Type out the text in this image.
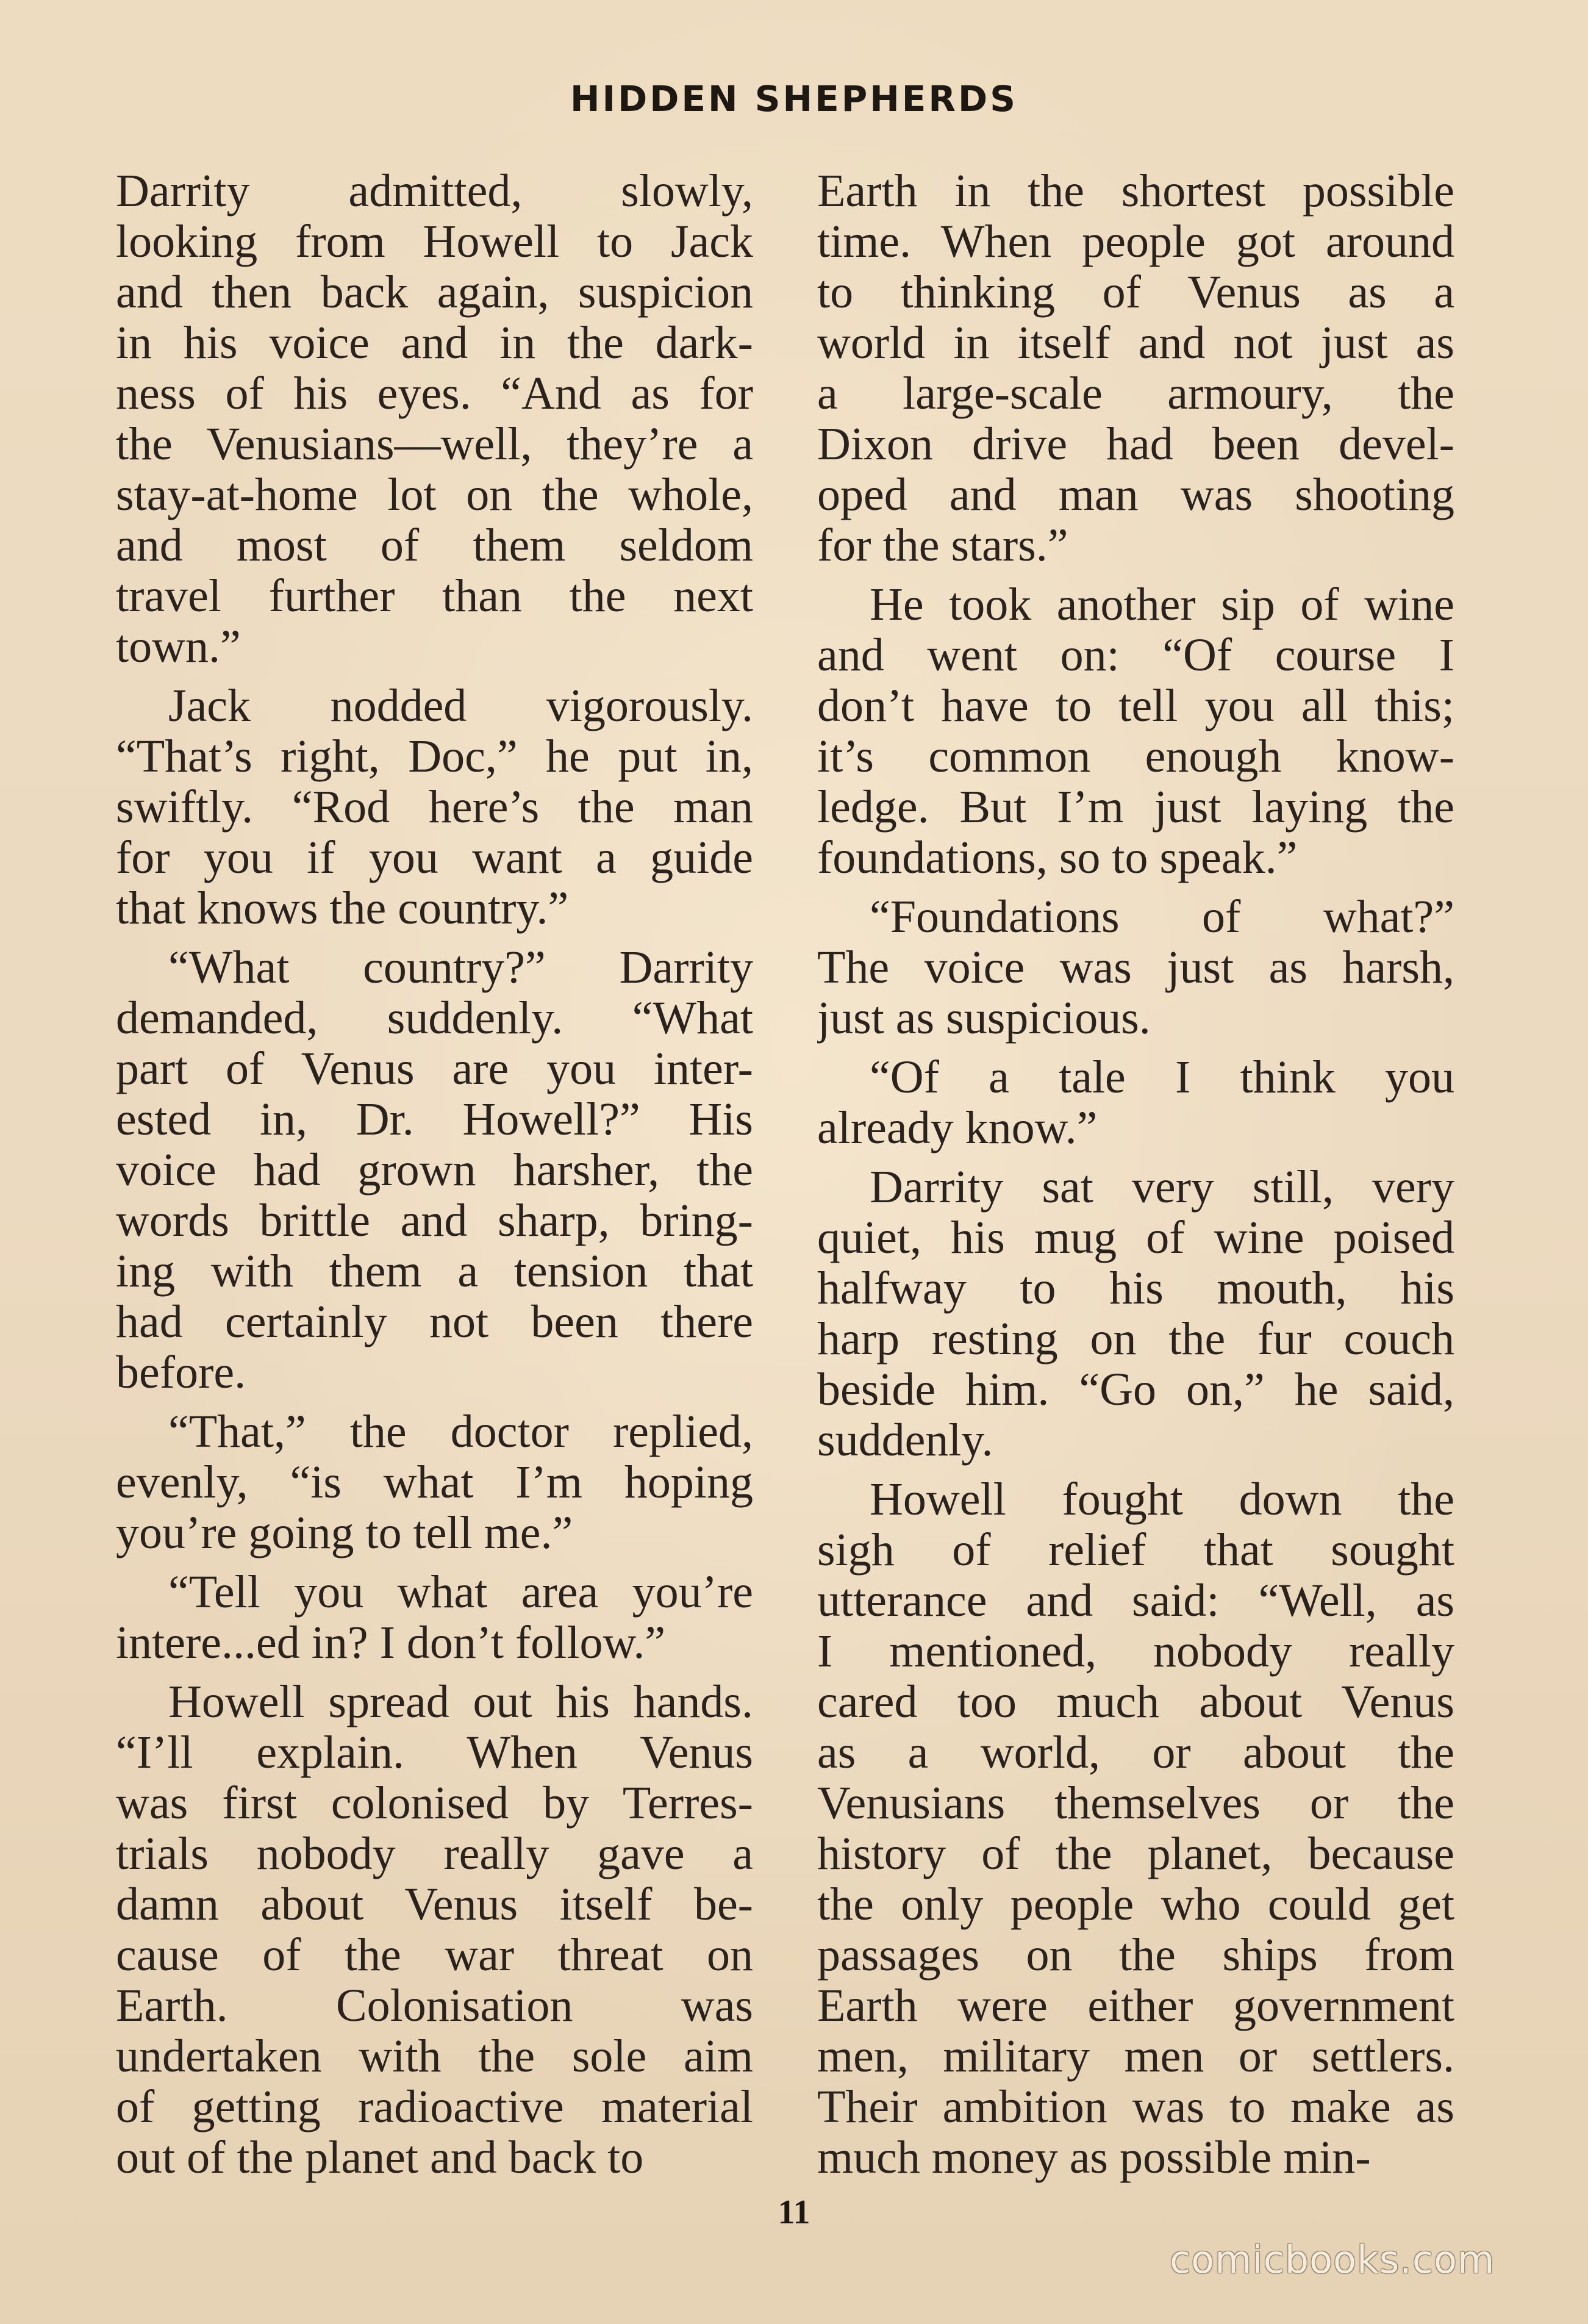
HIDDEN SHEPHERDS
Darrity admitted, slowly,
looking from Howell to Jack
and then back again, suspicion
in his voice and in the dark-
ness of his eyes. “And as for
the Venusians—well, they’re a
stay-at-home lot on the whole,
and most of them seldom
travel further than the next
town.”
Jack nodded vigorously.
“That’s right, Doc,” he put in,
swiftly. “Rod here’s the man
for you if you want a guide
that knows the country.”
“What country?” Darrity
demanded, suddenly. “What
part of Venus are you inter-
ested in, Dr. Howell?” His
voice had grown harsher, the
words brittle and sharp, bring-
ing with them a tension that
had certainly not been there
before.
“That,” the doctor replied,
evenly, “is what I’m hoping
you’re going to tell me.”
“Tell you what area you’re
intere...ed in? I don’t follow.”
Howell spread out his hands.
“I’ll explain. When Venus
was first colonised by Terres-
trials nobody really gave a
damn about Venus itself be-
cause of the war threat on
Earth. Colonisation was
undertaken with the sole aim
of getting radioactive material
out of the planet and back to
Earth in the shortest possible
time. When people got around
to thinking of Venus as a
world in itself and not just as
a large-scale armoury, the
Dixon drive had been devel-
oped and man was shooting
for the stars.”
He took another sip of wine
and went on: “Of course I
don’t have to tell you all this;
it’s common enough know-
ledge. But I’m just laying the
foundations, so to speak.”
“Foundations of what?”
The voice was just as harsh,
just as suspicious.
“Of a tale I think you
already know.”
Darrity sat very still, very
quiet, his mug of wine poised
halfway to his mouth, his
harp resting on the fur couch
beside him. “Go on,” he said,
suddenly.
Howell fought down the
sigh of relief that sought
utterance and said: “Well, as
I mentioned, nobody really
cared too much about Venus
as a world, or about the
Venusians themselves or the
history of the planet, because
the only people who could get
passages on the ships from
Earth were either government
men, military men or settlers.
Their ambition was to make as
much money as possible min-
11
comicbooks.com
